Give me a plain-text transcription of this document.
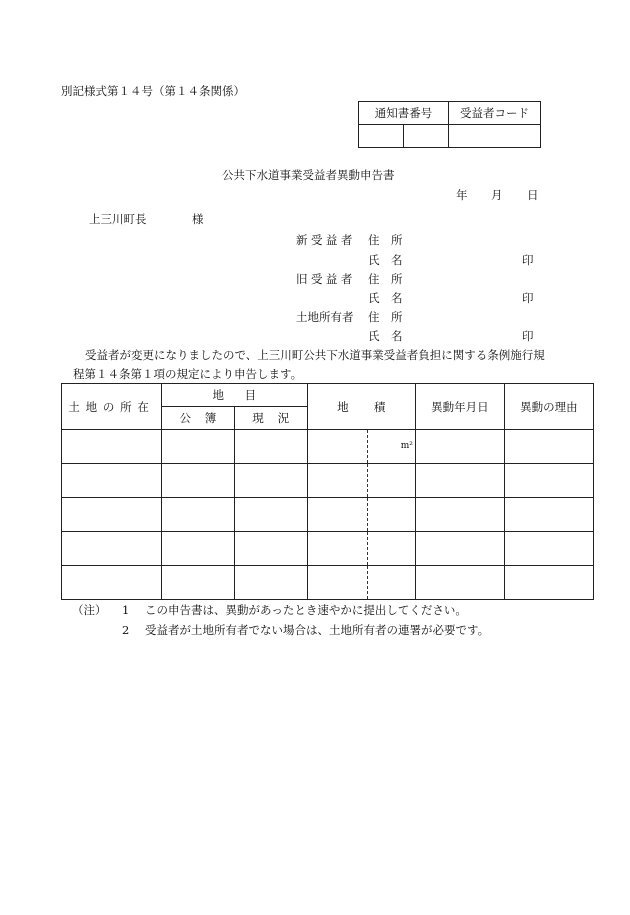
別記様式第１４号（第１４条関係）
通知書番号		受益者コード

公共下水道事業受益者異動申告書
年 月 日
上三川町長	様
新受益者 住　所
氏　名	印
旧受益者 住　所
氏　名	印
土地所有者 住　所
氏　名	印
受益者が変更になりましたので、上三川町公共下水道事業受益者負担に関する条例施行規
程第１４条第１項の規定により申告します。
土地の所在	地目		地積		異動年月日	異動の理由
	公簿	現況				

				m²		

（注） 1 この申告書は、異動があったとき速やかに提出してください。
2 受益者が土地所有者でない場合は、土地所有者の連署が必要です。
